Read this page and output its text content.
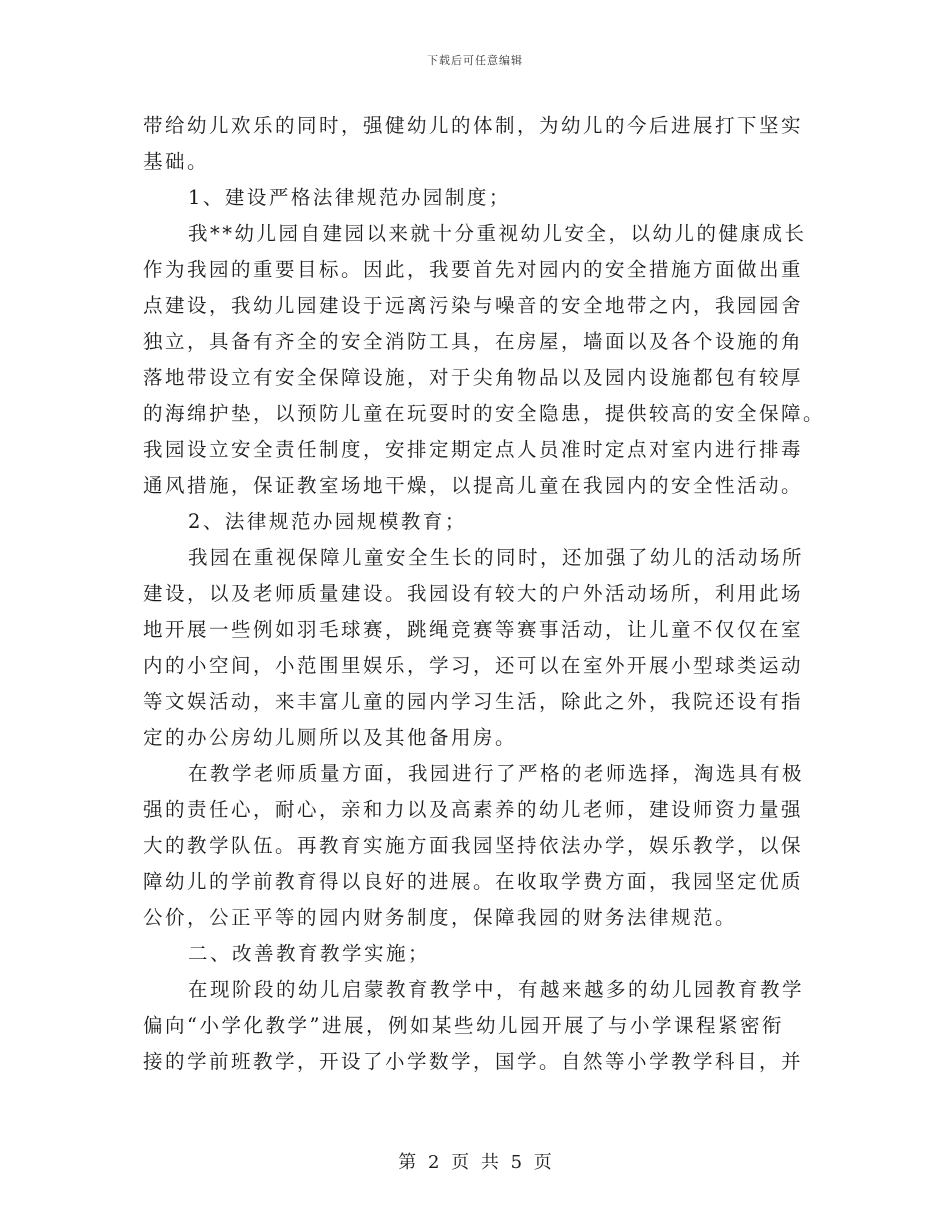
下载后可任意编辑
带给幼儿欢乐的同时，强健幼儿的体制，为幼儿的今后进展打下坚实
基础。
1、建设严格法律规范办园制度；
我**幼儿园自建园以来就十分重视幼儿安全，以幼儿的健康成长
作为我园的重要目标。因此，我要首先对园内的安全措施方面做出重
点建设，我幼儿园建设于远离污染与噪音的安全地带之内，我园园舍
独立，具备有齐全的安全消防工具，在房屋，墙面以及各个设施的角
落地带设立有安全保障设施，对于尖角物品以及园内设施都包有较厚
的海绵护垫，以预防儿童在玩耍时的安全隐患，提供较高的安全保障。
我园设立安全责任制度，安排定期定点人员准时定点对室内进行排毒
通风措施，保证教室场地干燥，以提高儿童在我园内的安全性活动。
2、法律规范办园规模教育；
我园在重视保障儿童安全生长的同时，还加强了幼儿的活动场所
建设，以及老师质量建设。我园设有较大的户外活动场所，利用此场
地开展一些例如羽毛球赛，跳绳竞赛等赛事活动，让儿童不仅仅在室
内的小空间，小范围里娱乐，学习，还可以在室外开展小型球类运动
等文娱活动，来丰富儿童的园内学习生活，除此之外，我院还设有指
定的办公房幼儿厕所以及其他备用房。
在教学老师质量方面，我园进行了严格的老师选择，淘选具有极
强的责任心，耐心，亲和力以及高素养的幼儿老师，建设师资力量强
大的教学队伍。再教育实施方面我园坚持依法办学，娱乐教学，以保
障幼儿的学前教育得以良好的进展。在收取学费方面，我园坚定优质
公价，公正平等的园内财务制度，保障我园的财务法律规范。
二、改善教育教学实施；
在现阶段的幼儿启蒙教育教学中，有越来越多的幼儿园教育教学
偏向“小学化教学”进展，例如某些幼儿园开展了与小学课程紧密衔
接的学前班教学，开设了小学数学，国学。自然等小学教学科目，并
第 2 页 共 5 页
